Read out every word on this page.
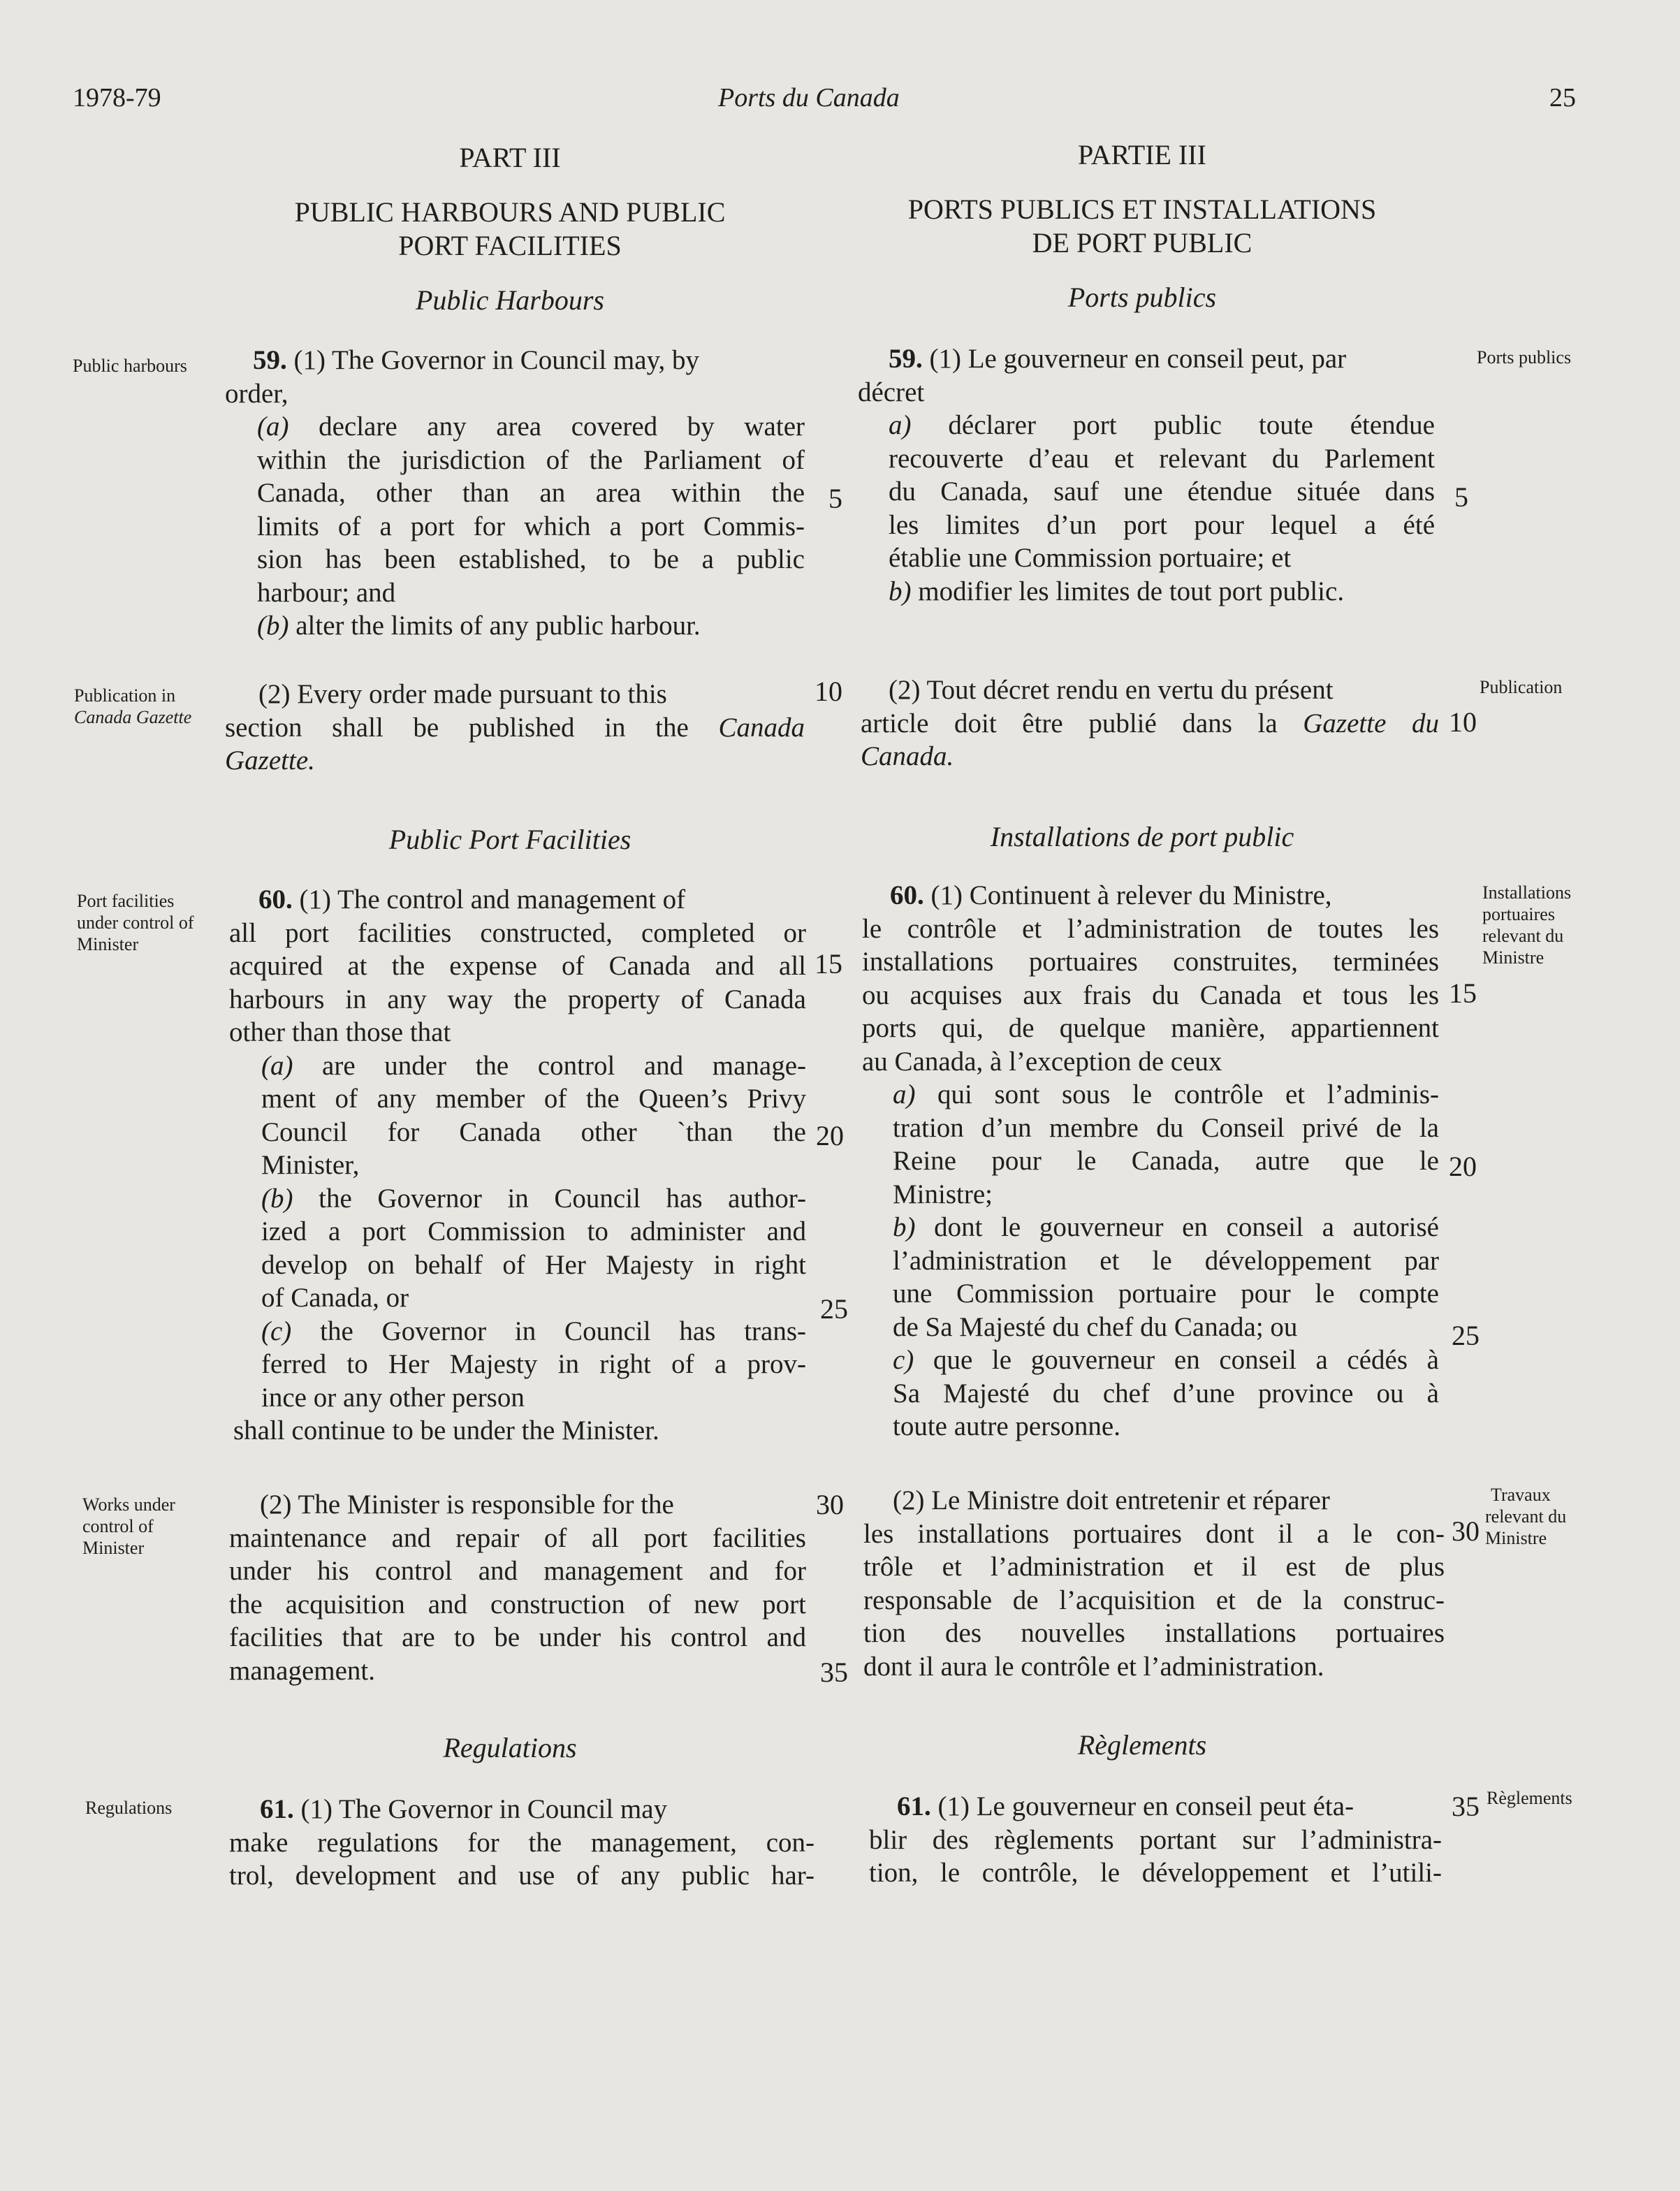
1978-79	Ports du Canada	25
PART III
PUBLIC HARBOURS AND PUBLIC
PORT FACILITIES
Public Harbours

59. (1) The Governor in Council may, by

order,

(a) declare any area covered by water

within the jurisdiction of the Parliament of

Canada, other than an area within the

limits of a port for which a port Commis-

sion has been established, to be a public

harbour; and

(b) alter the limits of any public harbour.

(2) Every order made pursuant to this

section shall be published in the Canada

Gazette.

Public Port Facilities

60. (1) The control and management of

all port facilities constructed, completed or

acquired at the expense of Canada and all

harbours in any way the property of Canada

other than those that

(a) are under the control and manage-

ment of any member of the Queen’s Privy

Council for Canada other `than the

Minister,

(b) the Governor in Council has author-

ized a port Commission to administer and

develop on behalf of Her Majesty in right

of Canada, or

(c) the Governor in Council has trans-

ferred to Her Majesty in right of a prov-

ince or any other person

shall continue to be under the Minister.

(2) The Minister is responsible for the

maintenance and repair of all port facilities

under his control and management and for

the acquisition and construction of new port

facilities that are to be under his control and

management.

Regulations

61. (1) The Governor in Council may

make regulations for the management, con-

trol, development and use of any public har-

5
10
15
20
25
30
35
Public harbours
Publication in
Canada Gazette
Port facilities
under control of
Minister
Works under
control of
Minister
Regulations
PARTIE III
PORTS PUBLICS ET INSTALLATIONS
DE PORT PUBLIC
Ports publics

59. (1) Le gouverneur en conseil peut, par

décret

a) déclarer port public toute étendue

recouverte d’eau et relevant du Parlement

du Canada, sauf une étendue située dans

les limites d’un port pour lequel a été

établie une Commission portuaire; et

b) modifier les limites de tout port public.

(2) Tout décret rendu en vertu du présent

article doit être publié dans la Gazette du

Canada.

Installations de port public

60. (1) Continuent à relever du Ministre,

le contrôle et l’administration de toutes les

installations portuaires construites, terminées

ou acquises aux frais du Canada et tous les

ports qui, de quelque manière, appartiennent

au Canada, à l’exception de ceux

a) qui sont sous le contrôle et l’adminis-

tration d’un membre du Conseil privé de la

Reine pour le Canada, autre que le

Ministre;

b) dont le gouverneur en conseil a autorisé

l’administration et le développement par

une Commission portuaire pour le compte

de Sa Majesté du chef du Canada; ou

c) que le gouverneur en conseil a cédés à

Sa Majesté du chef d’une province ou à

toute autre personne.

(2) Le Ministre doit entretenir et réparer

les installations portuaires dont il a le con-

trôle et l’administration et il est de plus

responsable de l’acquisition et de la construc-

tion des nouvelles installations portuaires

dont il aura le contrôle et l’administration.

Règlements

61. (1) Le gouverneur en conseil peut éta-

blir des règlements portant sur l’administra-

tion, le contrôle, le développement et l’utili-

5
10
15
20
25
30
35
Ports publics
Publication
Installations
portuaires
relevant du
Ministre
Travaux
relevant du
Ministre
Règlements
